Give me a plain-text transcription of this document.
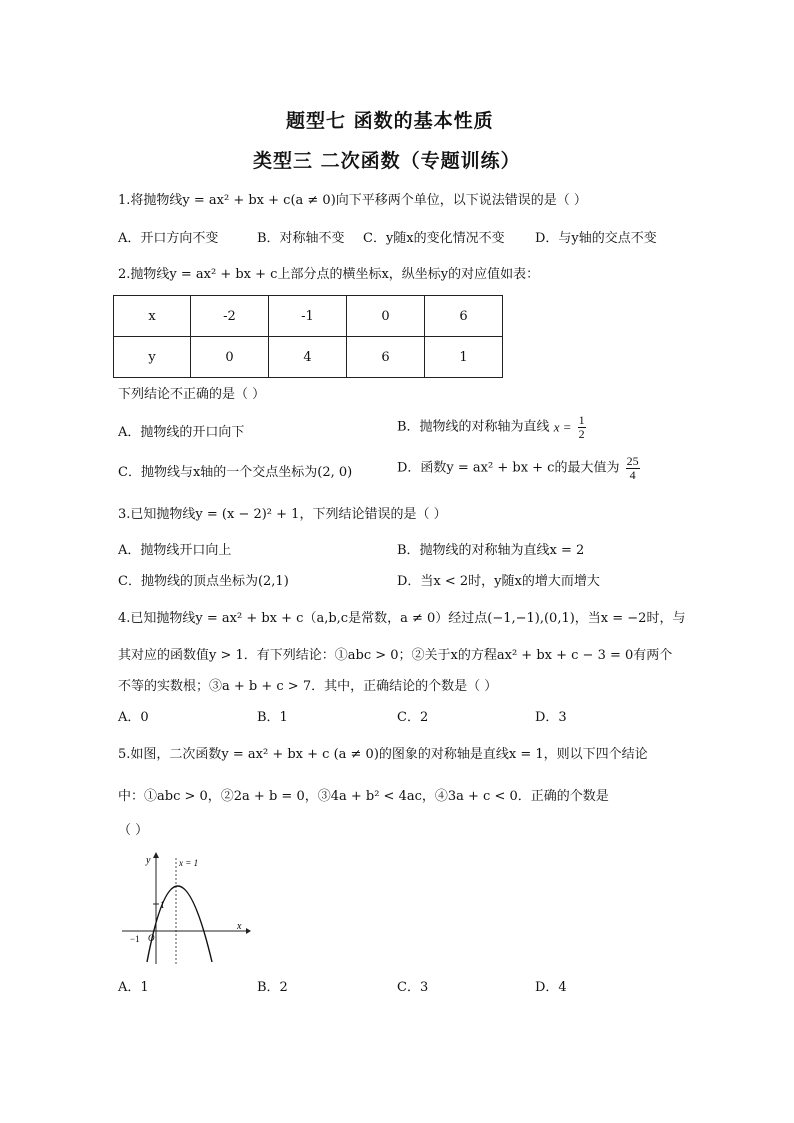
题型七 函数的基本性质
类型三 二次函数（专题训练）
1.将抛物线y = ax² + bx + c(a ≠ 0)向下平移两个单位，以下说法错误的是（ ）
A．开口方向不变	B．对称轴不变 C．y随x的变化情况不变 D．与y轴的交点不变
2.抛物线y = ax² + bx + c上部分点的横坐标x，纵坐标y的对应值如表：
x	-2	-1	0	6
y	0	4	6	1
下列结论不正确的是（ ）
A．抛物线的开口向下	B．抛物线的对称轴为直线 $x = \frac{1}{2}$
C．抛物线与x轴的一个交点坐标为(2, 0)	D．函数y = ax² + bx + c的最大值为 $\frac{25}{4}$
3.已知抛物线y = (x − 2)² + 1，下列结论错误的是（ ）
A．抛物线开口向上	B．抛物线的对称轴为直线x = 2
C．抛物线的顶点坐标为(2,1)	D．当x < 2时，y随x的增大而增大
4.已知抛物线y = ax² + bx + c（a,b,c是常数，a ≠ 0）经过点(−1,−1),(0,1)，当x = −2时，与
其对应的函数值y > 1．有下列结论：①abc > 0；②关于x的方程ax² + bx + c − 3 = 0有两个
不等的实数根；③a + b + c > 7．其中，正确结论的个数是（ ）
A．0	B．1	C．2	D．3
5.如图，二次函数y = ax² + bx + c (a ≠ 0)的图象的对称轴是直线x = 1，则以下四个结论
中：①abc > 0，②2a + b = 0，③4a + b² < 4ac，④3a + c < 0．正确的个数是
（ ）
y
x
x = 1
1
−1 O
A．1	B．2	C．3	D．4
